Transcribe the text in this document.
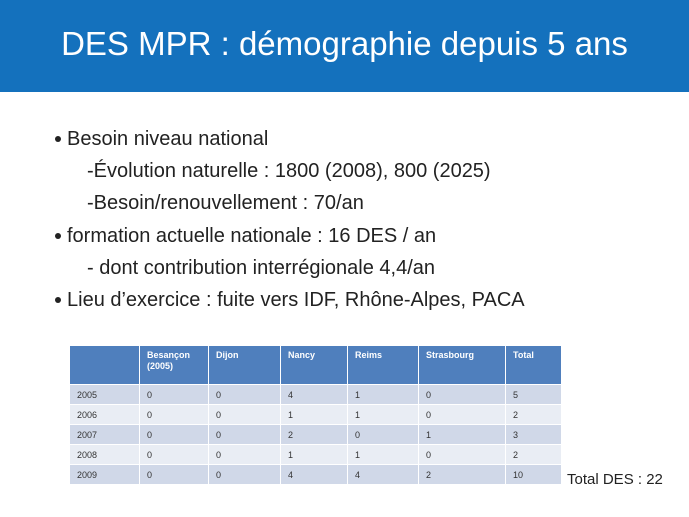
DES MPR : démographie depuis 5 ans
Besoin niveau national
-Évolution naturelle : 1800 (2008), 800 (2025)
-Besoin/renouvellement : 70/an
formation actuelle nationale : 16 DES / an
- dont contribution interrégionale 4,4/an
Lieu d’exercice : fuite vers IDF, Rhône-Alpes, PACA
	Besançon (2005)	Dijon	Nancy	Reims	Strasbourg	Total
2005	0	0	4	1	0	5
2006	0	0	1	1	0	2
2007	0	0	2	0	1	3
2008	0	0	1	1	0	2
2009	0	0	4	4	2	10	Total DES : 22
